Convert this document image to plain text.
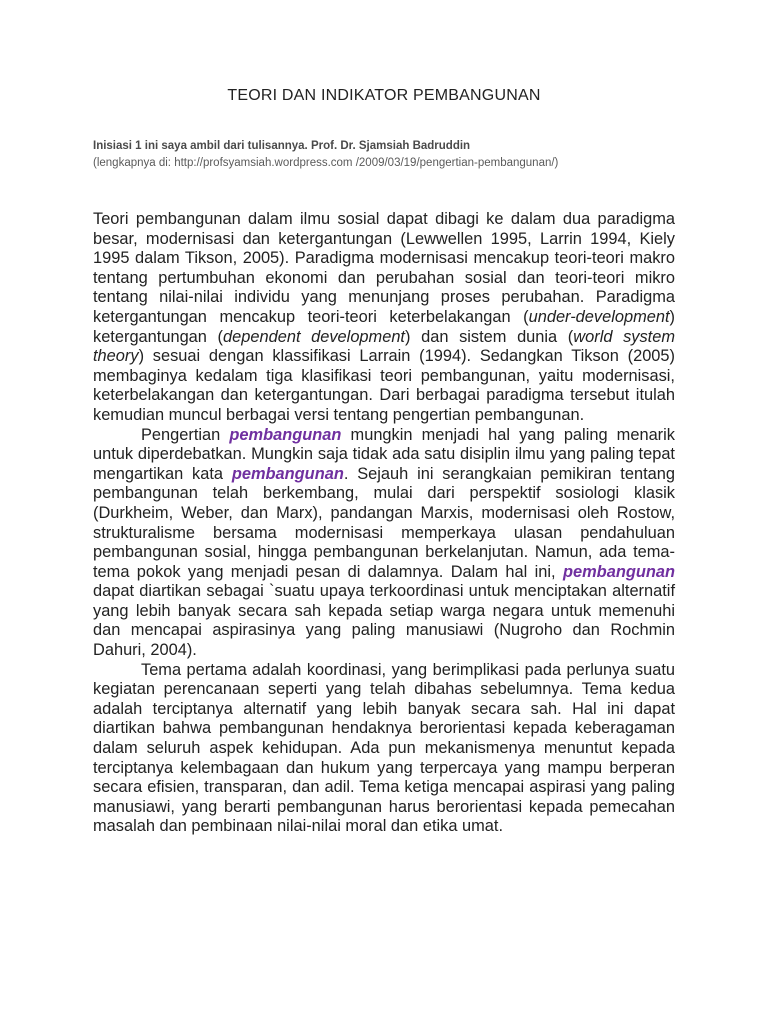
TEORI DAN INDIKATOR PEMBANGUNAN
Inisiasi 1 ini saya ambil dari tulisannya. Prof. Dr. Sjamsiah Badruddin
(lengkapnya di: http://profsyamsiah.wordpress.com /2009/03/19/pengertian-pembangunan/)

Teori pembangunan dalam ilmu sosial dapat dibagi ke dalam dua paradigma besar, modernisasi dan ketergantungan (Lewwellen 1995, Larrin 1994, Kiely 1995 dalam Tikson, 2005). Paradigma modernisasi mencakup teori-teori makro tentang pertumbuhan ekonomi dan perubahan sosial dan teori-teori mikro tentang nilai-nilai individu yang menunjang proses perubahan. Paradigma ketergantungan mencakup teori-teori keterbelakangan (under-development) ketergantungan (dependent development) dan sistem dunia (world system theory) sesuai dengan klassifikasi Larrain (1994). Sedangkan Tikson (2005) membaginya kedalam tiga klasifikasi teori pembangunan, yaitu modernisasi, keterbelakangan dan ketergantungan. Dari berbagai paradigma tersebut itulah kemudian muncul berbagai versi tentang pengertian pembangunan.

Pengertian pembangunan mungkin menjadi hal yang paling menarik untuk diperdebatkan. Mungkin saja tidak ada satu disiplin ilmu yang paling tepat mengartikan kata pembangunan. Sejauh ini serangkaian pemikiran tentang pembangunan telah berkembang, mulai dari perspektif sosiologi klasik (Durkheim, Weber, dan Marx), pandangan Marxis, modernisasi oleh Rostow, strukturalisme bersama modernisasi memperkaya ulasan pendahuluan pembangunan sosial, hingga pembangunan berkelanjutan. Namun, ada tema-tema pokok yang menjadi pesan di dalamnya. Dalam hal ini, pembangunan dapat diartikan sebagai `suatu upaya terkoordinasi untuk menciptakan alternatif yang lebih banyak secara sah kepada setiap warga negara untuk memenuhi dan mencapai aspirasinya yang paling manusiawi (Nugroho dan Rochmin Dahuri, 2004).

Tema pertama adalah koordinasi, yang berimplikasi pada perlunya suatu kegiatan perencanaan seperti yang telah dibahas sebelumnya. Tema kedua adalah terciptanya alternatif yang lebih banyak secara sah. Hal ini dapat diartikan bahwa pembangunan hendaknya berorientasi kepada keberagaman dalam seluruh aspek kehidupan. Ada pun mekanismenya menuntut kepada terciptanya kelembagaan dan hukum yang terpercaya yang mampu berperan secara efisien, transparan, dan adil. Tema ketiga mencapai aspirasi yang paling manusiawi, yang berarti pembangunan harus berorientasi kepada pemecahan masalah dan pembinaan nilai-nilai moral dan etika umat.
